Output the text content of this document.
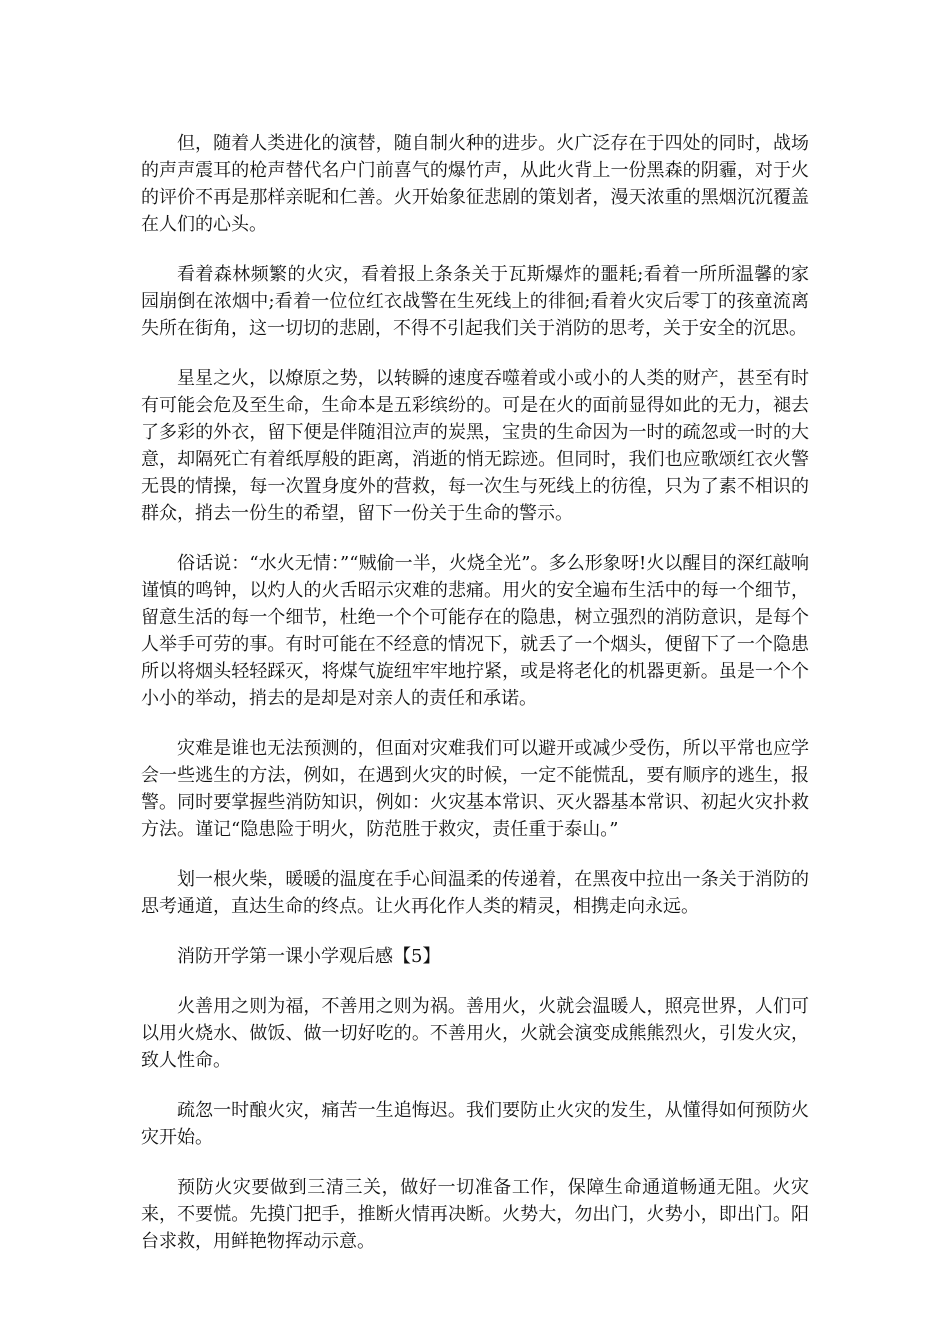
但，随着人类进化的演替，随自制火种的进步。火广泛存在于四处的同时，战场的声声震耳的枪声替代名户门前喜气的爆竹声，从此火背上一份黑森的阴霾，对于火的评价不再是那样亲昵和仁善。火开始象征悲剧的策划者，漫天浓重的黑烟沉沉覆盖在人们的心头。

看着森林频繁的火灾，看着报上条条关于瓦斯爆炸的噩耗;看着一所所温馨的家园崩倒在浓烟中;看着一位位红衣战警在生死线上的徘徊;看着火灾后零丁的孩童流离失所在街角，这一切切的悲剧，不得不引起我们关于消防的思考，关于安全的沉思。

星星之火，以燎原之势，以转瞬的速度吞噬着或小或小的人类的财产，甚至有时有可能会危及至生命，生命本是五彩缤纷的。可是在火的面前显得如此的无力，褪去了多彩的外衣，留下便是伴随泪泣声的炭黑，宝贵的生命因为一时的疏忽或一时的大意，却隔死亡有着纸厚般的距离，消逝的悄无踪迹。但同时，我们也应歌颂红衣火警无畏的情操，每一次置身度外的营救，每一次生与死线上的彷徨，只为了素不相识的群众，捎去一份生的希望，留下一份关于生命的警示。

俗话说：“水火无情：”“贼偷一半，火烧全光”。多么形象呀!火以醒目的深红敲响谨慎的鸣钟，以灼人的火舌昭示灾难的悲痛。用火的安全遍布生活中的每一个细节，留意生活的每一个细节，杜绝一个个可能存在的隐患，树立强烈的消防意识，是每个人举手可劳的事。有时可能在不经意的情况下，就丢了一个烟头，便留下了一个隐患所以将烟头轻轻踩灭，将煤气旋纽牢牢地拧紧，或是将老化的机器更新。虽是一个个小小的举动，捎去的是却是对亲人的责任和承诺。

灾难是谁也无法预测的，但面对灾难我们可以避开或减少受伤，所以平常也应学会一些逃生的方法，例如，在遇到火灾的时候，一定不能慌乱，要有顺序的逃生，报警。同时要掌握些消防知识，例如：火灾基本常识、灭火器基本常识、初起火灾扑救方法。谨记“隐患险于明火，防范胜于救灾，责任重于泰山。”

划一根火柴，暖暖的温度在手心间温柔的传递着，在黑夜中拉出一条关于消防的思考通道，直达生命的终点。让火再化作人类的精灵，相携走向永远。

消防开学第一课小学观后感【5】

火善用之则为福，不善用之则为祸。善用火，火就会温暖人，照亮世界，人们可以用火烧水、做饭、做一切好吃的。不善用火，火就会演变成熊熊烈火，引发火灾，致人性命。

疏忽一时酿火灾，痛苦一生追悔迟。我们要防止火灾的发生，从懂得如何预防火灾开始。

预防火灾要做到三清三关，做好一切准备工作，保障生命通道畅通无阻。火灾来，不要慌。先摸门把手，推断火情再决断。火势大，勿出门，火势小，即出门。阳台求救，用鲜艳物挥动示意。
